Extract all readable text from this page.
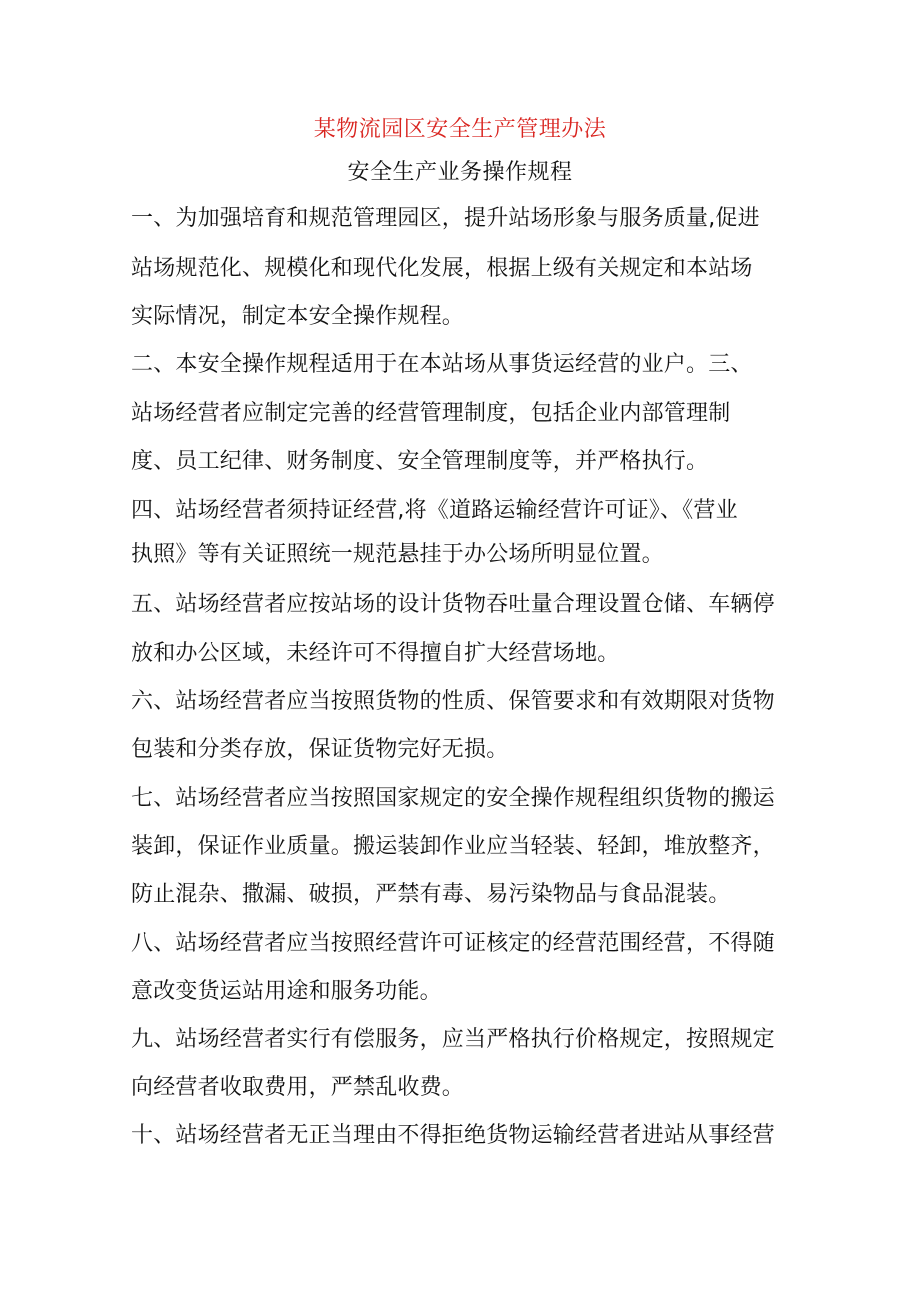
某物流园区安全生产管理办法
安全生产业务操作规程
一、为加强培育和规范管理园区，提升站场形象与服务质量,促进
站场规范化、规模化和现代化发展，根据上级有关规定和本站场
实际情况，制定本安全操作规程。
二、本安全操作规程适用于在本站场从事货运经营的业户。三、
站场经营者应制定完善的经营管理制度，包括企业内部管理制
度、员工纪律、财务制度、安全管理制度等，并严格执行。
四、站场经营者须持证经营,将《道路运输经营许可证》、《营业
执照》等有关证照统一规范悬挂于办公场所明显位置。
五、站场经营者应按站场的设计货物吞吐量合理设置仓储、车辆停
放和办公区域，未经许可不得擅自扩大经营场地。
六、站场经营者应当按照货物的性质、保管要求和有效期限对货物
包装和分类存放，保证货物完好无损。
七、站场经营者应当按照国家规定的安全操作规程组织货物的搬运
装卸，保证作业质量。搬运装卸作业应当轻装、轻卸，堆放整齐，
防止混杂、撒漏、破损，严禁有毒、易污染物品与食品混装。
八、站场经营者应当按照经营许可证核定的经营范围经营，不得随
意改变货运站用途和服务功能。
九、站场经营者实行有偿服务，应当严格执行价格规定，按照规定
向经营者收取费用，严禁乱收费。
十、站场经营者无正当理由不得拒绝货物运输经营者进站从事经营
